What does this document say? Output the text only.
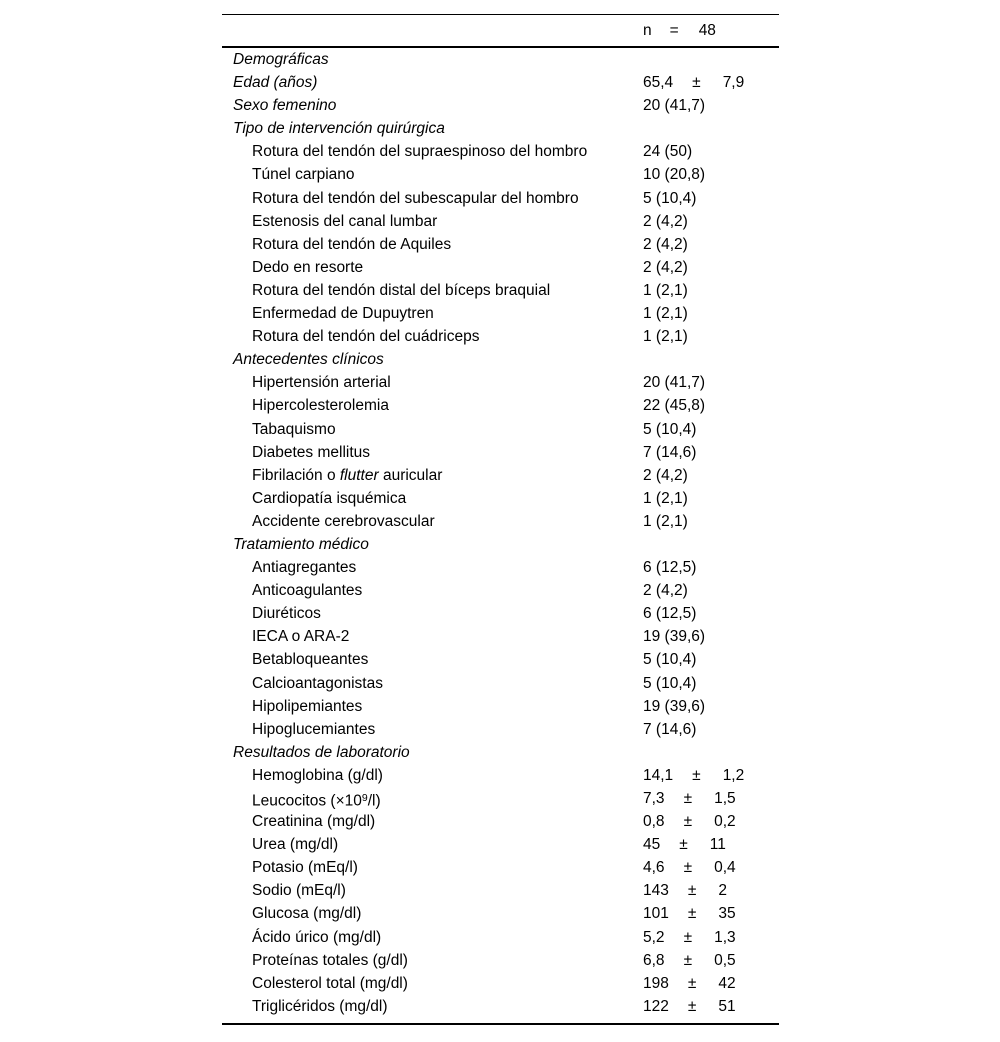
n = 48
Demográficas
Edad (años)	65,4 ± 7,9
Sexo femenino	20 (41,7)
Tipo de intervención quirúrgica
Rotura del tendón del supraespinoso del hombro	24 (50)
Túnel carpiano	10 (20,8)
Rotura del tendón del subescapular del hombro	5 (10,4)
Estenosis del canal lumbar	2 (4,2)
Rotura del tendón de Aquiles	2 (4,2)
Dedo en resorte	2 (4,2)
Rotura del tendón distal del bíceps braquial	1 (2,1)
Enfermedad de Dupuytren	1 (2,1)
Rotura del tendón del cuádriceps	1 (2,1)
Antecedentes clínicos
Hipertensión arterial	20 (41,7)
Hipercolesterolemia	22 (45,8)
Tabaquismo	5 (10,4)
Diabetes mellitus	7 (14,6)
Fibrilación o flutter auricular	2 (4,2)
Cardiopatía isquémica	1 (2,1)
Accidente cerebrovascular	1 (2,1)
Tratamiento médico
Antiagregantes	6 (12,5)
Anticoagulantes	2 (4,2)
Diuréticos	6 (12,5)
IECA o ARA-2	19 (39,6)
Betabloqueantes	5 (10,4)
Calcioantagonistas	5 (10,4)
Hipolipemiantes	19 (39,6)
Hipoglucemiantes	7 (14,6)
Resultados de laboratorio
Hemoglobina (g/dl)	14,1 ± 1,2
Leucocitos $(\times 10^9/l)$	7,3 ± 1,5
Creatinina (mg/dl)	0,8 ± 0,2
Urea (mg/dl)	45 ± 11
Potasio (mEq/l)	4,6 ± 0,4
Sodio (mEq/l)	143 ± 2
Glucosa (mg/dl)	101 ± 35
Ácido úrico (mg/dl)	5,2 ± 1,3
Proteínas totales (g/dl)	6,8 ± 0,5
Colesterol total (mg/dl)	198 ± 42
Triglicéridos (mg/dl)	122 ± 51
